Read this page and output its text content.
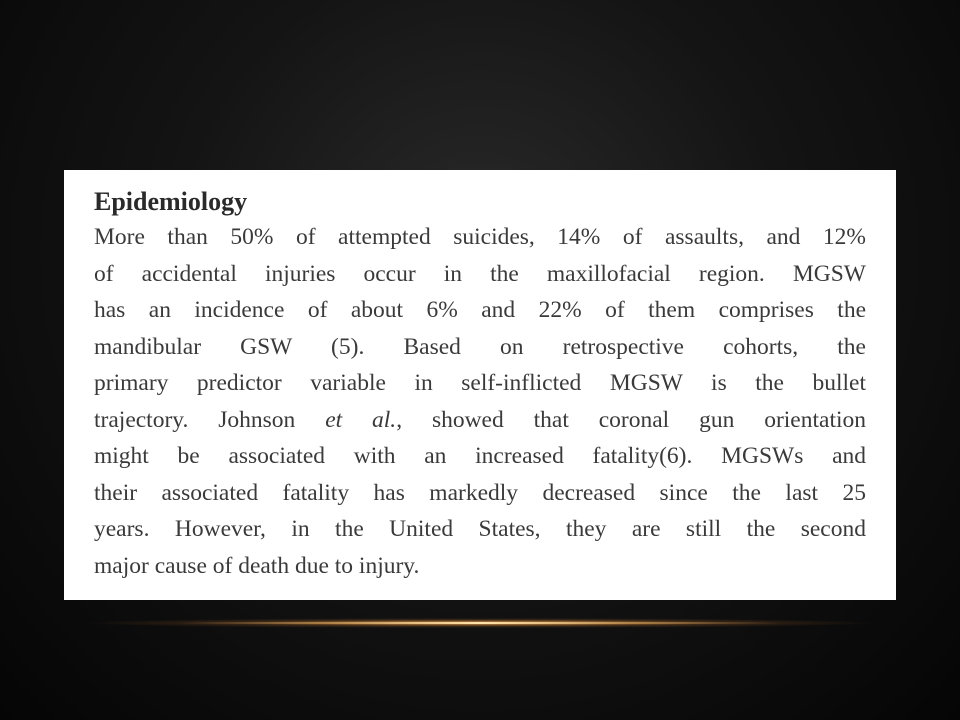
Epidemiology

More than 50% of attempted suicides, 14% of assaults, and 12%
of accidental injuries occur in the maxillofacial region. MGSW
has an incidence of about 6% and 22% of them comprises the
mandibular GSW (5). Based on retrospective cohorts, the
primary predictor variable in self-inflicted MGSW is the bullet
trajectory. Johnson et al., showed that coronal gun orientation
might be associated with an increased fatality(6). MGSWs and
their associated fatality has markedly decreased since the last 25
years. However, in the United States, they are still the second
major cause of death due to injury.
